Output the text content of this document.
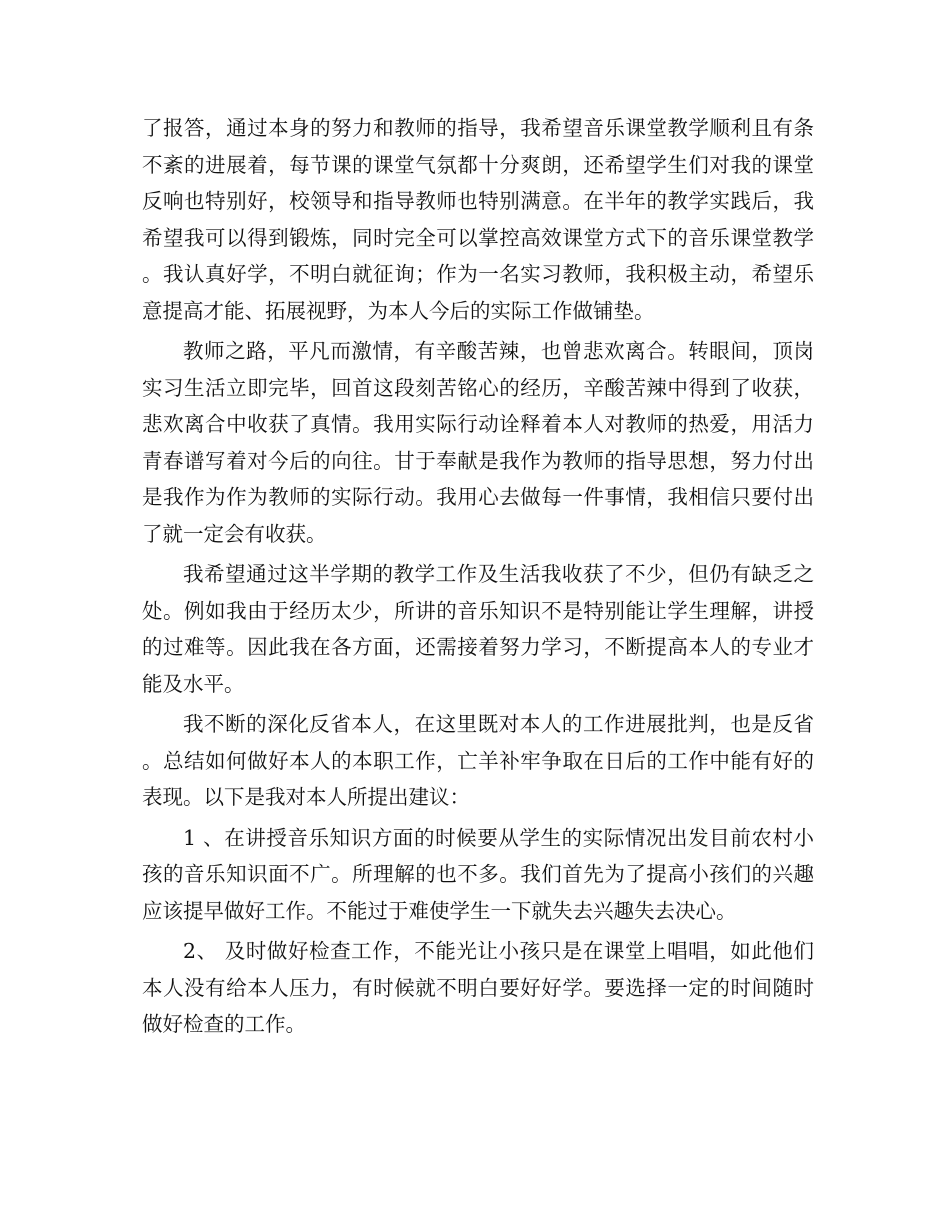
了报答，通过本身的努力和教师的指导，我希望音乐课堂教学顺利且有条不紊的进展着，每节课的课堂气氛都十分爽朗，还希望学生们对我的课堂反响也特别好，校领导和指导教师也特别满意。在半年的教学实践后，我希望我可以得到锻炼，同时完全可以掌控高效课堂方式下的音乐课堂教学。我认真好学，不明白就征询；作为一名实习教师，我积极主动，希望乐意提高才能、拓展视野，为本人今后的实际工作做铺垫。

教师之路，平凡而激情，有辛酸苦辣，也曾悲欢离合。转眼间，顶岗实习生活立即完毕，回首这段刻苦铭心的经历，辛酸苦辣中得到了收获，悲欢离合中收获了真情。我用实际行动诠释着本人对教师的热爱，用活力青春谱写着对今后的向往。甘于奉献是我作为教师的指导思想，努力付出是我作为作为教师的实际行动。我用心去做每一件事情，我相信只要付出了就一定会有收获。

我希望通过这半学期的教学工作及生活我收获了不少，但仍有缺乏之处。例如我由于经历太少，所讲的音乐知识不是特别能让学生理解，讲授的过难等。因此我在各方面，还需接着努力学习，不断提高本人的专业才能及水平。

我不断的深化反省本人，在这里既对本人的工作进展批判，也是反省。总结如何做好本人的本职工作，亡羊补牢争取在日后的工作中能有好的表现。以下是我对本人所提出建议：

1 、在讲授音乐知识方面的时候要从学生的实际情况出发目前农村小孩的音乐知识面不广。所理解的也不多。我们首先为了提高小孩们的兴趣应该提早做好工作。不能过于难使学生一下就失去兴趣失去决心。

2、 及时做好检查工作，不能光让小孩只是在课堂上唱唱，如此他们本人没有给本人压力，有时候就不明白要好好学。要选择一定的时间随时做好检查的工作。
